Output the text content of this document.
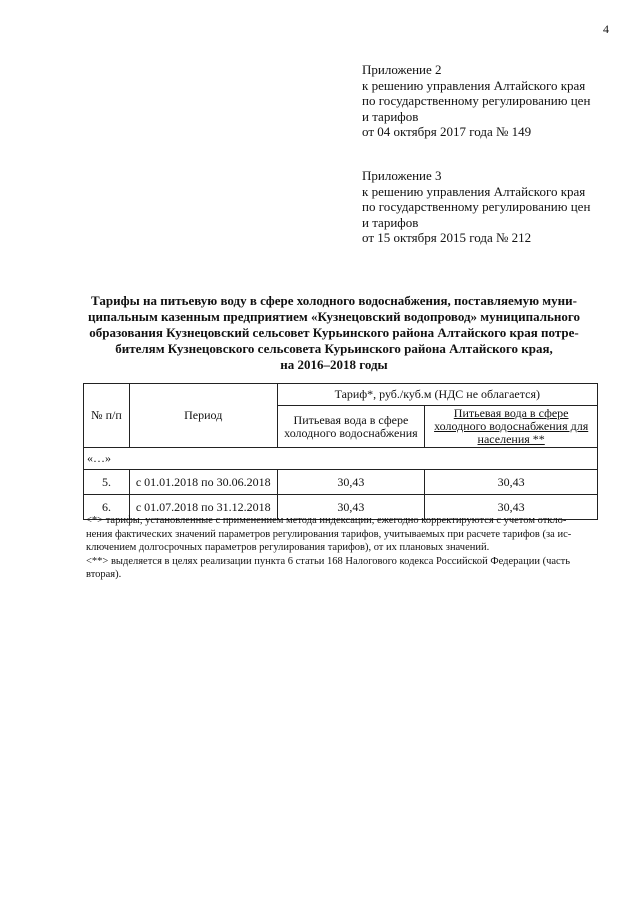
4
Приложение 2
к решению управления Алтайского края
по государственному регулированию цен
и тарифов
от 04 октября 2017 года № 149
Приложение 3
к решению управления Алтайского края
по государственному регулированию цен
и тарифов
от 15 октября 2015 года № 212
Тарифы на питьевую воду в сфере холодного водоснабжения, поставляемую муни-
ципальным казенным предприятием «Кузнецовский водопровод» муниципального
образования Кузнецовский сельсовет Курьинского района Алтайского края потре-
бителям Кузнецовского сельсовета Курьинского района Алтайского края,
на 2016–2018 годы
№ п/п	Период	Тариф*, руб./куб.м (НДС не облагается)	
		Питьевая вода в сфере холодного водоснабжения	Питьевая вода в сфере холодного водоснабжения для населения **
«…»			
5.	с 01.01.2018 по 30.06.2018	30,43	30,43
6.	с 01.07.2018 по 31.12.2018	30,43	30,43
<*> тарифы, установленные с применением метода индексации, ежегодно корректируются с учетом откло-
нения фактических значений параметров регулирования тарифов, учитываемых при расчете тарифов (за ис-
ключением долгосрочных параметров регулирования тарифов), от их плановых значений.
<**> выделяется в целях реализации пункта 6 статьи 168 Налогового кодекса Российской Федерации (часть
вторая).
